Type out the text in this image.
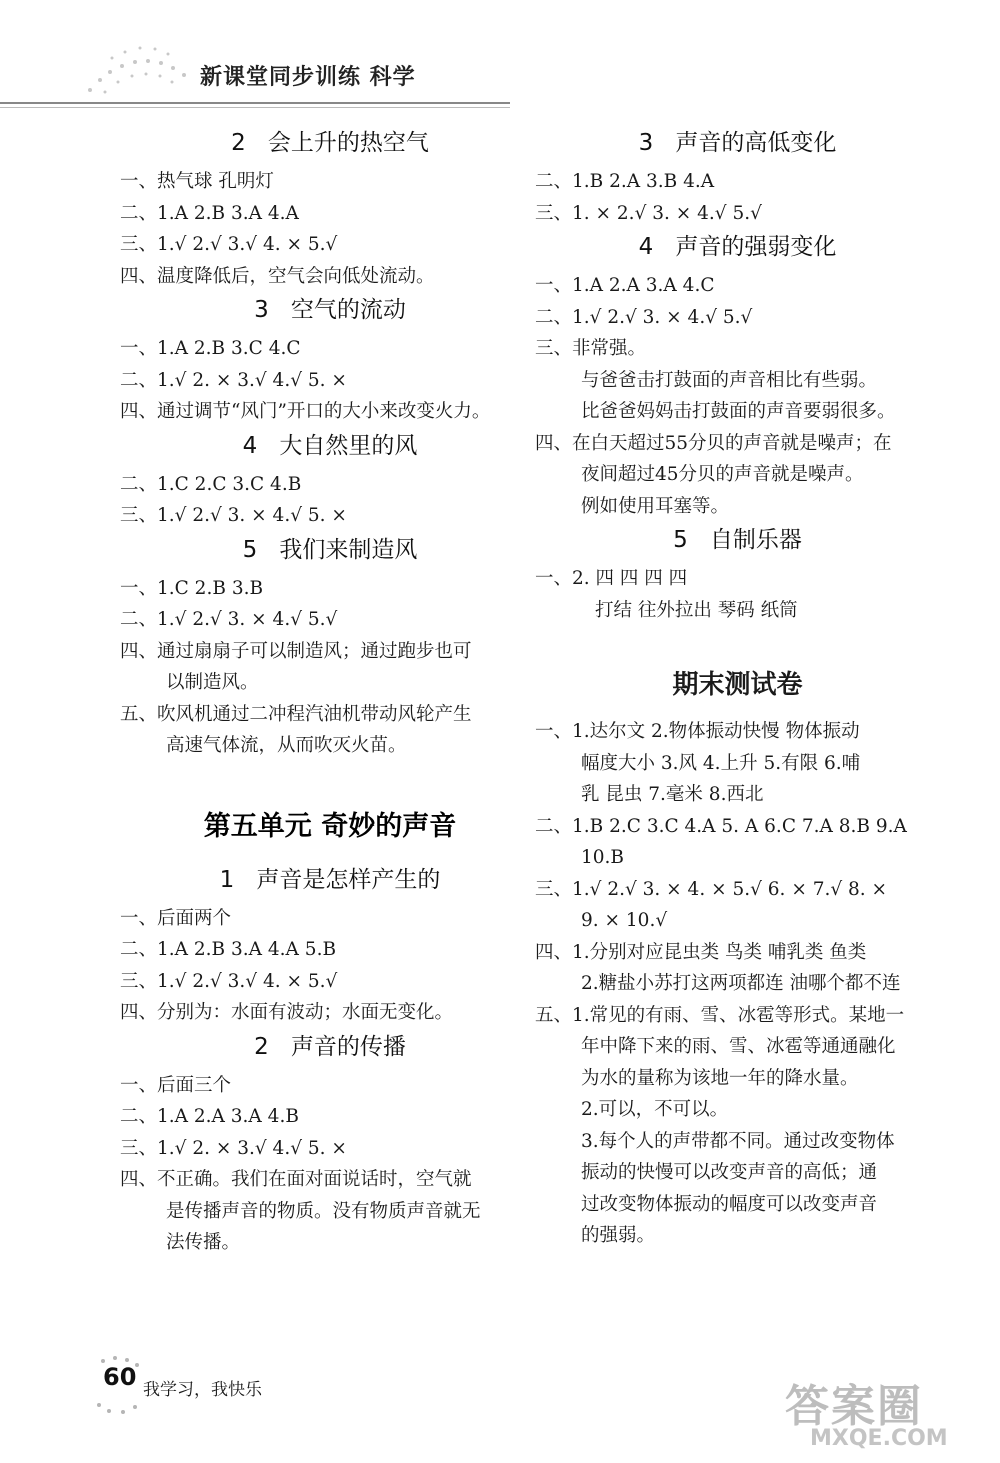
新课堂同步训练 科学
2 会上升的热空气
一、热气球 孔明灯
二、1.A 2.B 3.A 4.A
三、1.√ 2.√ 3.√ 4. × 5.√
四、温度降低后，空气会向低处流动。
3 空气的流动
一、1.A 2.B 3.C 4.C
二、1.√ 2. × 3.√ 4.√ 5. ×
四、通过调节“风门”开口的大小来改变火力。
4 大自然里的风
二、1.C 2.C 3.C 4.B
三、1.√ 2.√ 3. × 4.√ 5. ×
5 我们来制造风
一、1.C 2.B 3.B
二、1.√ 2.√ 3. × 4.√ 5.√
四、通过扇扇子可以制造风；通过跑步也可
以制造风。
五、吹风机通过二冲程汽油机带动风轮产生
高速气体流，从而吹灭火苗。
第五单元 奇妙的声音
1 声音是怎样产生的
一、后面两个
二、1.A 2.B 3.A 4.A 5.B
三、1.√ 2.√ 3.√ 4. × 5.√
四、分别为：水面有波动；水面无变化。
2 声音的传播
一、后面三个
二、1.A 2.A 3.A 4.B
三、1.√ 2. × 3.√ 4.√ 5. ×
四、不正确。我们在面对面说话时，空气就
是传播声音的物质。没有物质声音就无
法传播。
3 声音的高低变化
二、1.B 2.A 3.B 4.A
三、1. × 2.√ 3. × 4.√ 5.√
4 声音的强弱变化
一、1.A 2.A 3.A 4.C
二、1.√ 2.√ 3. × 4.√ 5.√
三、非常强。
与爸爸击打鼓面的声音相比有些弱。
比爸爸妈妈击打鼓面的声音要弱很多。
四、在白天超过55分贝的声音就是噪声；在
夜间超过45分贝的声音就是噪声。
例如使用耳塞等。
5 自制乐器
一、2. 四 四 四 四
打结 往外拉出 琴码 纸筒
期末测试卷
一、1.达尔文 2.物体振动快慢 物体振动
幅度大小 3.风 4.上升 5.有限 6.哺
乳 昆虫 7.毫米 8.西北
二、1.B 2.C 3.C 4.A 5. A 6.C 7.A 8.B 9.A
10.B
三、1.√ 2.√ 3. × 4. × 5.√ 6. × 7.√ 8. ×
9. × 10.√
四、1.分别对应昆虫类 鸟类 哺乳类 鱼类
2.糖盐小苏打这两项都连 油哪个都不连
五、1.常见的有雨、雪、冰雹等形式。某地一
年中降下来的雨、雪、冰雹等通通融化
为水的量称为该地一年的降水量。
2.可以，不可以。
3.每个人的声带都不同。通过改变物体
振动的快慢可以改变声音的高低；通
过改变物体振动的幅度可以改变声音
的强弱。
60 我学习，我快乐	答案圈
MXQE.COM
